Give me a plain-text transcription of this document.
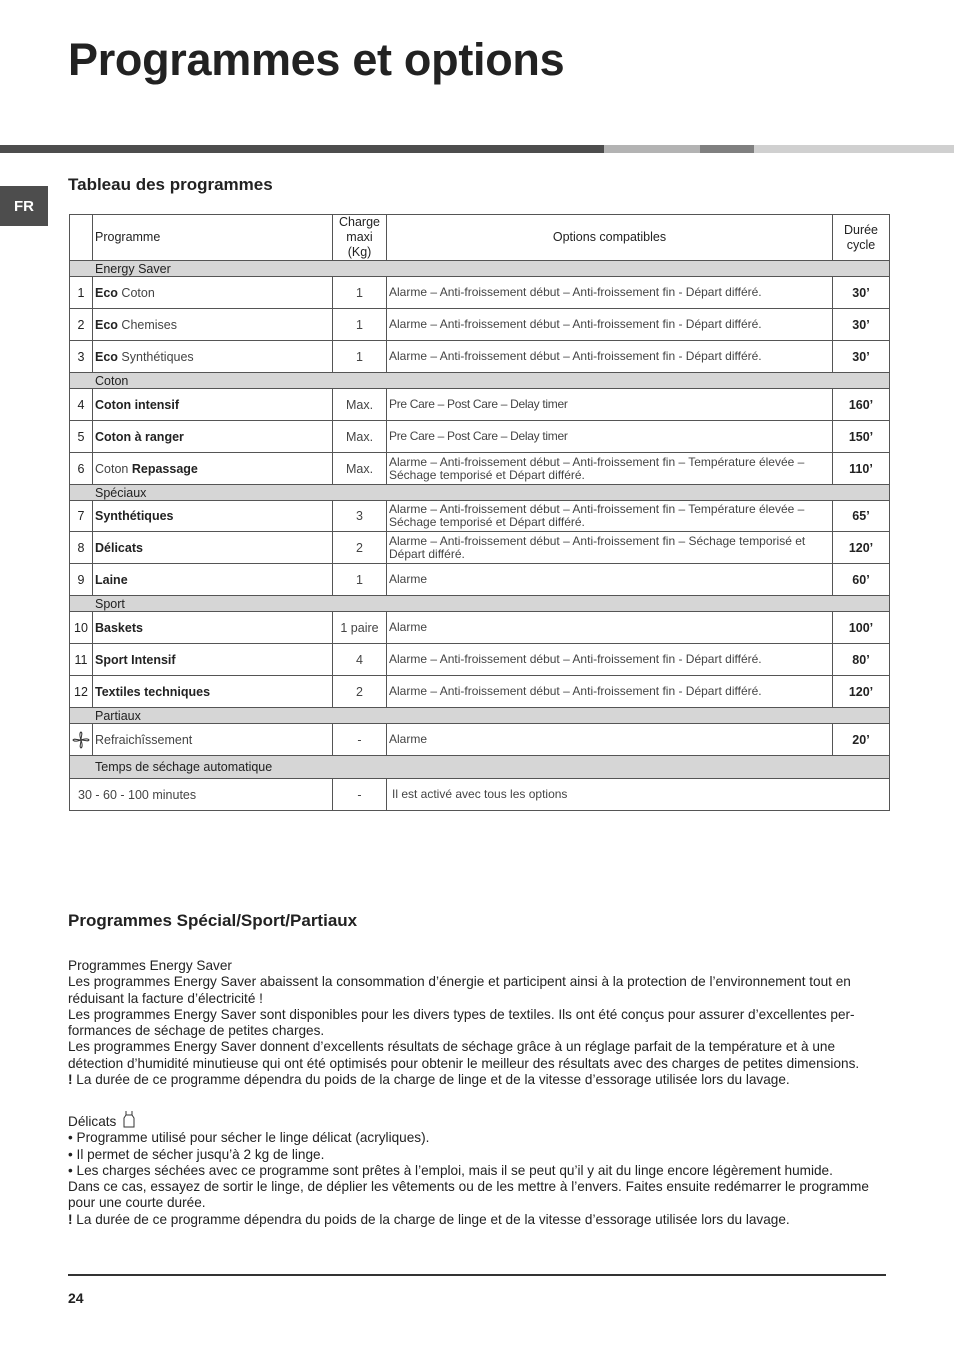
Programmes et options
FR
Tableau des programmes
	Programme	Charge maxi (Kg)	Options compatibles	Durée cycle
Energy Saver				
1	Eco Coton	1	Alarme – Anti-froissement début – Anti-froissement fin - Départ différé.	30’
2	Eco Chemises	1	Alarme – Anti-froissement début – Anti-froissement fin - Départ différé.	30’
3	Eco Synthétiques	1	Alarme – Anti-froissement début – Anti-froissement fin - Départ différé.	30’
Coton				
4	Coton intensif	Max.	Pre Care – Post Care – Delay timer	160’
5	Coton à ranger	Max.	Pre Care – Post Care – Delay timer	150’
6	Coton Repassage	Max.	Alarme – Anti-froissement début – Anti-froissement fin – Température élevée – Séchage temporisé et Départ différé.	110’
Spéciaux				
7	Synthétiques	3	Alarme – Anti-froissement début – Anti-froissement fin – Température élevée – Séchage temporisé et Départ différé.	65’
8	Délicats	2	Alarme – Anti-froissement début – Anti-froissement fin – Séchage temporisé et Départ différé.	120’
9	Laine	1	Alarme	60’
Sport				
10	Baskets	1 paire	Alarme	100’
11	Sport Intensif	4	Alarme – Anti-froissement début – Anti-froissement fin - Départ différé.	80’
12	Textiles techniques	2	Alarme – Anti-froissement début – Anti-froissement fin - Départ différé.	120’
Partiaux				

	Refraichîssement	-	Alarme	20’
Temps de séchage automatique				
30 - 60 - 100 minutes		-	Il est activé avec tous les options	
Programmes Spécial/Sport/Partiaux

Programmes Energy Saver

Les programmes Energy Saver abaissent la consommation d’énergie et participent ainsi à la protection de l’environnement tout en réduisant la facture d’électricité !

Les programmes Energy Saver sont disponibles pour les divers types de textiles. Ils ont été conçus pour assurer d’excellentes per-formances de séchage de petites charges.

Les programmes Energy Saver donnent d’excellents résultats de séchage grâce à un réglage parfait de la température et à une détection d’humidité minutieuse qui ont été optimisés pour obtenir le meilleur des résultats avec des charges de petites dimensions.

! La durée de ce programme dépendra du poids de la charge de linge et de la vitesse d’essorage utilisée lors du lavage.

Délicats

• Programme utilisé pour sécher le linge délicat (acryliques).

• Il permet de sécher jusqu’à 2 kg de linge.

• Les charges séchées avec ce programme sont prêtes à l’emploi, mais il se peut qu’il y ait du linge encore légèrement humide.

Dans ce cas, essayez de sortir le linge, de déplier les vêtements ou de les mettre à l’envers. Faites ensuite redémarrer le programme pour une courte durée.

! La durée de ce programme dépendra du poids de la charge de linge et de la vitesse d’essorage utilisée lors du lavage.

24
